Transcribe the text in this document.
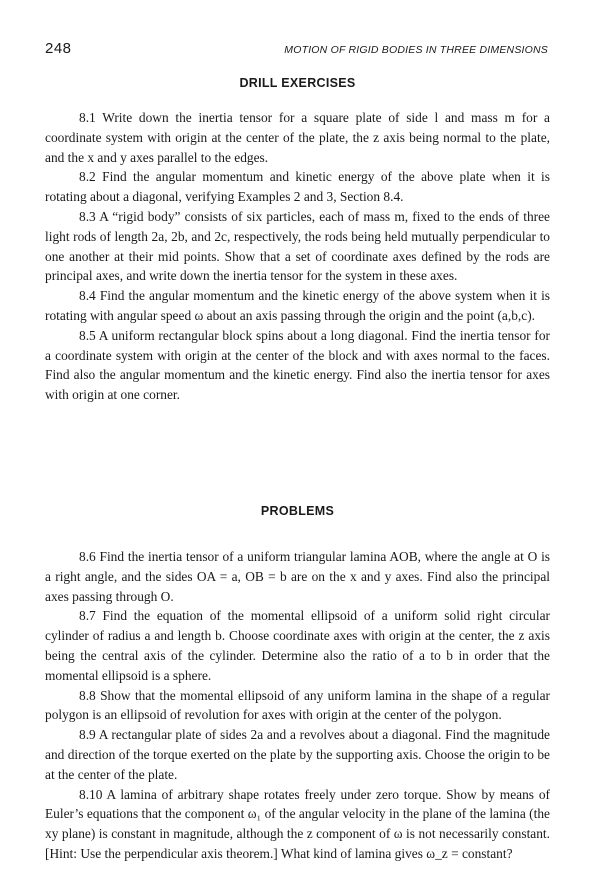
248	MOTION OF RIGID BODIES IN THREE DIMENSIONS
DRILL EXERCISES

8.1 Write down the inertia tensor for a square plate of side l and mass m for a coordinate system with origin at the center of the plate, the z axis being normal to the plate, and the x and y axes parallel to the edges.

8.2 Find the angular momentum and kinetic energy of the above plate when it is rotating about a diagonal, verifying Examples 2 and 3, Section 8.4.

8.3 A “rigid body” consists of six particles, each of mass m, fixed to the ends of three light rods of length 2a, 2b, and 2c, respectively, the rods being held mutually perpendicular to one another at their mid points. Show that a set of coordinate axes defined by the rods are principal axes, and write down the inertia tensor for the system in these axes.

8.4 Find the angular momentum and the kinetic energy of the above system when it is rotating with angular speed ω about an axis passing through the origin and the point (a,b,c).

8.5 A uniform rectangular block spins about a long diagonal. Find the inertia tensor for a coordinate system with origin at the center of the block and with axes normal to the faces. Find also the angular momentum and the kinetic energy. Find also the inertia tensor for axes with origin at one corner.

PROBLEMS

8.6 Find the inertia tensor of a uniform triangular lamina AOB, where the angle at O is a right angle, and the sides OA = a, OB = b are on the x and y axes. Find also the principal axes passing through O.

8.7 Find the equation of the momental ellipsoid of a uniform solid right circular cylinder of radius a and length b. Choose coordinate axes with origin at the center, the z axis being the central axis of the cylinder. Determine also the ratio of a to b in order that the momental ellipsoid is a sphere.

8.8 Show that the momental ellipsoid of any uniform lamina in the shape of a regular polygon is an ellipsoid of revolution for axes with origin at the center of the polygon.

8.9 A rectangular plate of sides 2a and a revolves about a diagonal. Find the magnitude and direction of the torque exerted on the plate by the supporting axis. Choose the origin to be at the center of the plate.

8.10 A lamina of arbitrary shape rotates freely under zero torque. Show by means of Euler’s equations that the component ω₁ of the angular velocity in the plane of the lamina (the xy plane) is constant in magnitude, although the z component of ω is not necessarily constant. [Hint: Use the perpendicular axis theorem.] What kind of lamina gives ω_z = constant?
